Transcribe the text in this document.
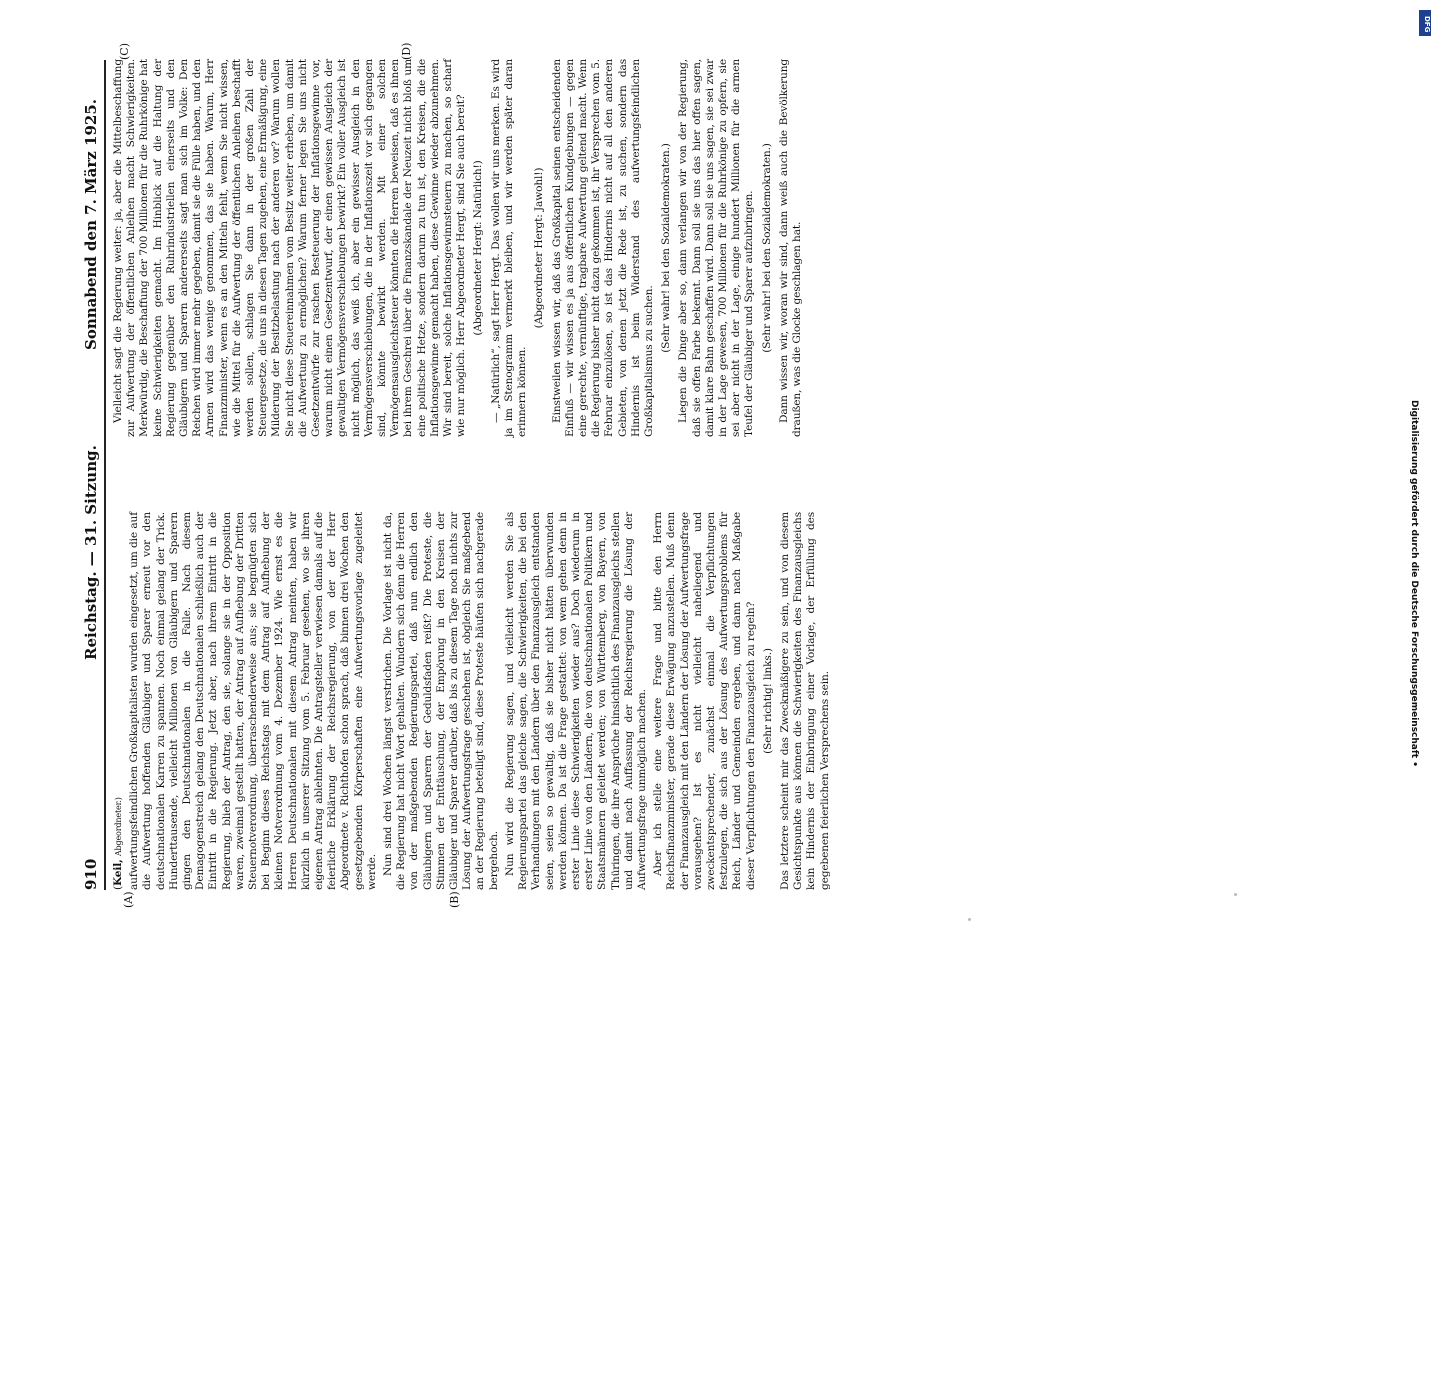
910
Reichstag. — 31. Sitzung.
Sonnabend den 7. März 1925.
(A)	(B)
(C)	(D)

(Keil, Abgeordneter.) aufwertungsfeindlichen Großkapitalisten wurden eingesetzt, um die auf die Aufwertung hoffenden Gläubiger und Sparer erneut vor den deutschnationalen Karren zu spannen. Noch einmal gelang der Trick. Hunderttausende, vielleicht Millionen von Gläubigern und Sparern gingen den Deutschnationalen in die Falle. Nach diesem Demagogenstreich gelang den Deutschnationalen schließlich auch der Eintritt in die Regierung. Jetzt aber, nach ihrem Eintritt in die Regierung, blieb der Antrag, den sie, solange sie in der Opposition waren, zweimal gestellt hatten, der Antrag auf Aufhebung der Dritten Steuernotverordnung, überraschenderweise aus; sie begnügten sich bei Beginn dieses Reichstags mit dem Antrag auf Aufhebung der kleinen Notverordnung vom 4. Dezember 1924. Wie ernst es die Herren Deutschnationalen mit diesem Antrag meinten, haben wir kürzlich in unserer Sitzung vom 5. Februar gesehen, wo sie ihren eigenen Antrag ablehnten. Die Antragsteller verwiesen damals auf die feierliche Erklärung der Reichsregierung, von der der Herr Abgeordnete v. Richthofen schon sprach, daß binnen drei Wochen den gesetzgebenden Körperschaften eine Aufwertungsvorlage zugeleitet werde. Nun sind drei Wochen längst verstrichen. Die Vorlage ist nicht da, die Regierung hat nicht Wort gehalten. Wundern sich denn die Herren von der maßgebenden Regierungspartei, daß nun endlich den Gläubigern und Sparern der Geduldsfaden reißt? Die Proteste, die Stimmen der Enttäuschung, der Empörung in den Kreisen der Gläubiger und Sparer darüber, daß bis zu diesem Tage noch nichts zur Lösung der Aufwertungsfrage geschehen ist, obgleich Sie maßgebend an der Regierung beteiligt sind, diese Proteste häufen sich nachgerade bergehoch. Nun wird die Regierung sagen, und vielleicht werden Sie als Regierungspartei das gleiche sagen, die Schwierigkeiten, die bei den Verhandlungen mit den Ländern über den Finanzausgleich entstanden seien, seien so gewaltig, daß sie bisher nicht hätten überwunden werden können. Da ist die Frage gestattet: von wem gehen denn in erster Linie diese Schwierigkeiten wieder aus? Doch wiederum in erster Linie von den Ländern, die von deutschnationalen Politikern und Staatsmännern geleitet werden; von Württemberg, von Bayern, von Thüringen, die ihre Ansprüche hinsichtlich des Finanzausgleichs stellen und damit nach Auffassung der Reichsregierung die Lösung der Aufwertungsfrage unmöglich machen. Aber ich stelle eine weitere Frage und bitte den Herrn Reichsfinanzminister, gerade diese Erwägung anzustellen. Muß denn der Finanzausgleich mit den Ländern der Lösung der Aufwertungsfrage vorausgehen? Ist es nicht vielleicht naheliegend und zweckentsprechender, zunächst einmal die Verpflichtungen festzulegen, die sich aus der Lösung des Aufwertungsproblems für Reich, Länder und Gemeinden ergeben, und dann nach Maßgabe dieser Verpflichtungen den Finanzausgleich zu regeln? (Sehr richtig! links.) Das letztere scheint mir das Zweckmäßigere zu sein, und von diesem Gesichtspunkte aus können die Schwierigkeiten des Finanzausgleichs kein Hindernis der Einbringung einer Vorlage, der Erfüllung des gegebenen feierlichen Versprechens sein.

Vielleicht sagt die Regierung weiter: ja, aber die Mittelbeschaffung zur Aufwertung der öffentlichen Anleihen macht Schwierigkeiten. Merkwürdig, die Beschaffung der 700 Millionen für die Ruhrkönige hat keine Schwierigkeiten gemacht. Im Hinblick auf die Haltung der Regierung gegenüber den Ruhrindustriellen einerseits und den Gläubigern und Sparern andererseits sagt man sich im Volke: Den Reichen wird immer mehr gegeben, damit sie die Fülle haben, und den Armen wird das wenige genommen, das sie haben. Warum, Herr Finanzminister, wenn es an den Mitteln fehlt, wenn Sie nicht wissen, wie die Mittel für die Aufwertung der öffentlichen Anleihen beschafft werden sollen, schlagen Sie dann in der großen Zahl der Steuergesetze, die uns in diesen Tagen zugehen, eine Ermäßigung, eine Milderung der Besitzbelastung nach der anderen vor? Warum wollen Sie nicht diese Steuereinnahmen vom Besitz weiter erheben, um damit die Aufwertung zu ermöglichen? Warum ferner legen Sie uns nicht Gesetzentwürfe zur raschen Besteuerung der Inflationsgewinne vor, warum nicht einen Gesetzentwurf, der einen gewissen Ausgleich der gewaltigen Vermögensverschiebungen bewirkt? Ein voller Ausgleich ist nicht möglich, das weiß ich, aber ein gewisser Ausgleich in den Vermögensverschiebungen, die in der Inflationszeit vor sich gegangen sind, könnte bewirkt werden. Mit einer solchen Vermögensausgleichsteuer könnten die Herren beweisen, daß es ihnen bei ihrem Geschrei über die Finanzskandale der Neuzeit nicht bloß um eine politische Hetze, sondern darum zu tun ist, den Kreisen, die die Inflationsgewinne gemacht haben, diese Gewinne wieder abzunehmen. Wir sind bereit, solche Inflationsgewinnsteuern zu machen, so scharf wie nur möglich. Herr Abgeordneter Hergt, sind Sie auch bereit? (Abgeordneter Hergt: Natürlich!) — „Natürlich“, sagt Herr Hergt. Das wollen wir uns merken. Es wird ja im Stenogramm vermerkt bleiben, und wir werden später daran erinnern können.

(Abgeordneter Hergt: Jawohl!) Einstweilen wissen wir, daß das Großkapital seinen entscheidenden Einfluß — wir wissen es ja aus öffentlichen Kundgebungen — gegen eine gerechte, vernünftige, tragbare Aufwertung geltend macht. Wenn die Regierung bisher nicht dazu gekommen ist, ihr Versprechen vom 5. Februar einzulösen, so ist das Hindernis nicht auf all den anderen Gebieten, von denen jetzt die Rede ist, zu suchen, sondern das Hindernis ist beim Widerstand des aufwertungsfeindlichen Großkapitalismus zu suchen.

(Sehr wahr! bei den Sozialdemokraten.) Liegen die Dinge aber so, dann verlangen wir von der Regierung, daß sie offen Farbe bekennt. Dann soll sie uns das hier offen sagen, damit klare Bahn geschaffen wird. Dann soll sie uns sagen, sie sei zwar in der Lage gewesen, 700 Millionen für die Ruhrkönige zu opfern, sie sei aber nicht in der Lage, einige hundert Millionen für die armen Teufel der Gläubiger und Sparer aufzubringen. (Sehr wahr! bei den Sozialdemokraten.) Dann wissen wir, woran wir sind, dann weiß auch die Bevölkerung draußen, was die Glocke geschlagen hat.

Digitalisierung gefördert durch die Deutsche Forschungsgemeinschaft •
DFG
